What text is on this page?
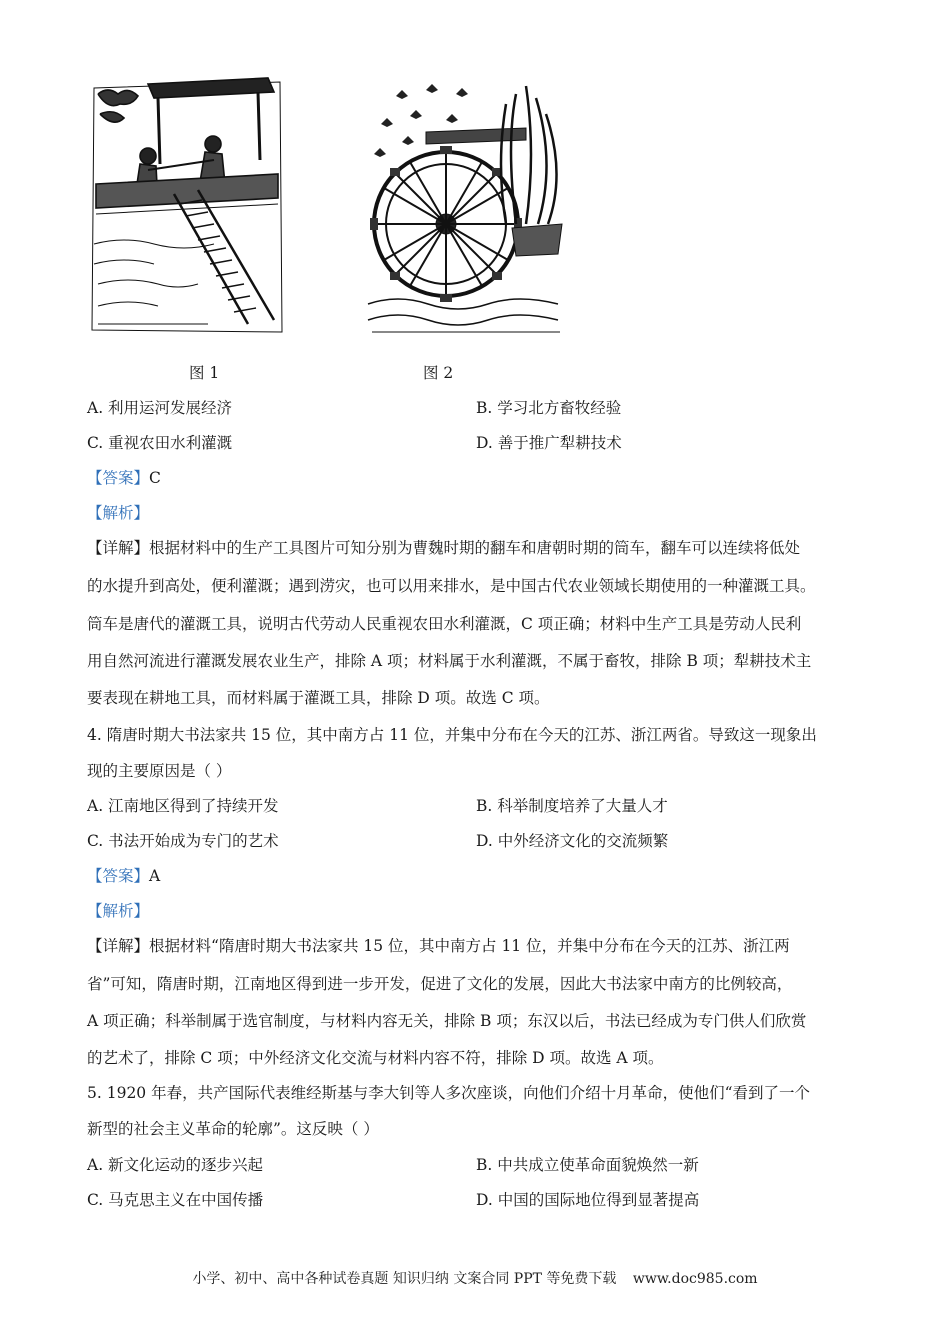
图 1	图 2
A. 利用运河发展经济	B. 学习北方畜牧经验
C. 重视农田水利灌溉	D. 善于推广犁耕技术
【答案】C
【解析】
【详解】根据材料中的生产工具图片可知分别为曹魏时期的翻车和唐朝时期的筒车，翻车可以连续将低处
的水提升到高处，便利灌溉；遇到涝灾，也可以用来排水，是中国古代农业领域长期使用的一种灌溉工具。
筒车是唐代的灌溉工具，说明古代劳动人民重视农田水利灌溉，C 项正确；材料中生产工具是劳动人民利
用自然河流进行灌溉发展农业生产，排除 A 项；材料属于水利灌溉，不属于畜牧，排除 B 项；犁耕技术主
要表现在耕地工具，而材料属于灌溉工具，排除 D 项。故选 C 项。
4. 隋唐时期大书法家共 15 位，其中南方占 11 位，并集中分布在今天的江苏、浙江两省。导致这一现象出
现的主要原因是（ ）
A. 江南地区得到了持续开发	B. 科举制度培养了大量人才
C. 书法开始成为专门的艺术	D. 中外经济文化的交流频繁
【答案】A
【解析】
【详解】根据材料“隋唐时期大书法家共 15 位，其中南方占 11 位，并集中分布在今天的江苏、浙江两
省”可知，隋唐时期，江南地区得到进一步开发，促进了文化的发展，因此大书法家中南方的比例较高，
A 项正确；科举制属于选官制度，与材料内容无关，排除 B 项；东汉以后，书法已经成为专门供人们欣赏
的艺术了，排除 C 项；中外经济文化交流与材料内容不符，排除 D 项。故选 A 项。
5. 1920 年春，共产国际代表维经斯基与李大钊等人多次座谈，向他们介绍十月革命，使他们“看到了一个
新型的社会主义革命的轮廓”。这反映（ ）
A. 新文化运动的逐步兴起	B. 中共成立使革命面貌焕然一新
C. 马克思主义在中国传播	D. 中国的国际地位得到显著提高
小学、初中、高中各种试卷真题 知识归纳 文案合同 PPT 等免费下载 www.doc985.com
